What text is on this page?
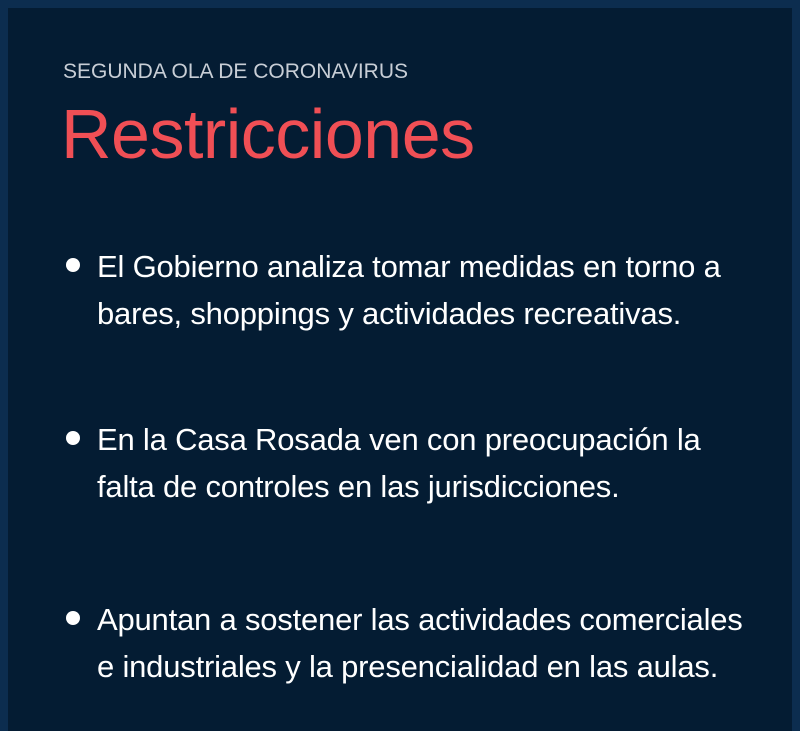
SEGUNDA OLA DE CORONAVIRUS
Restricciones
El Gobierno analiza tomar medidas en torno a bares, shoppings y actividades recreativas.
En la Casa Rosada ven con preocupación la falta de controles en las jurisdicciones.
Apuntan a sostener las actividades comerciales e industriales y la presencialidad en las aulas.
